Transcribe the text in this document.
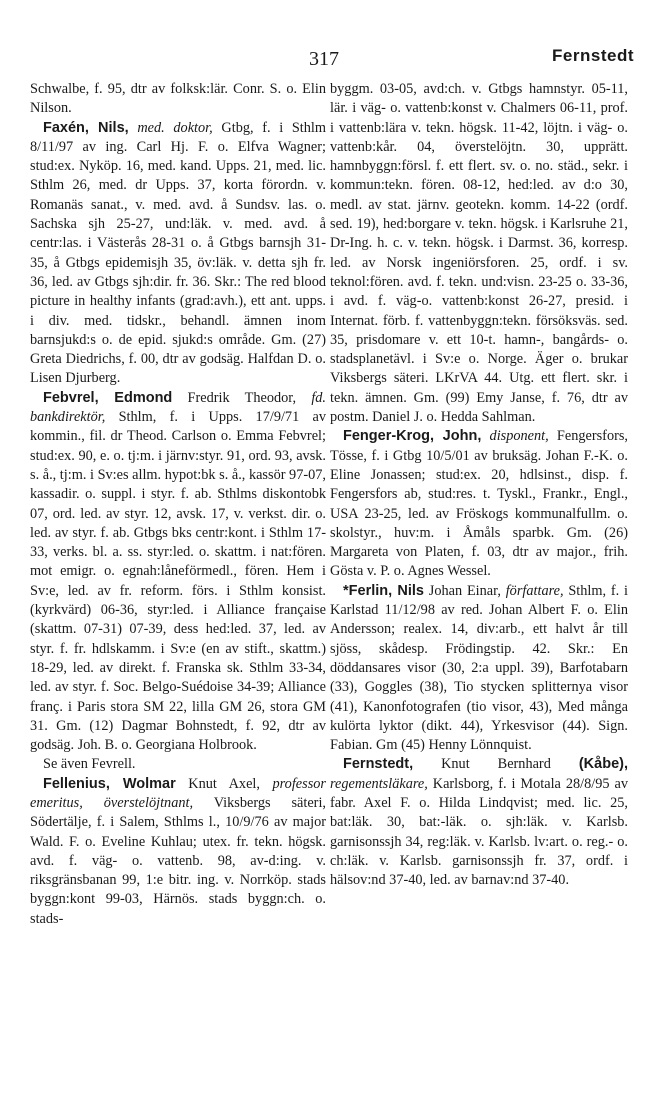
317	Fernstedt

Schwalbe, f. 95, dtr av folksk:lär. Conr. S. o. Elin Nilson.

Faxén, Nils, med. doktor, Gtbg, f. i Sthlm 8/11/97 av ing. Carl Hj. F. o. Elfva Wagner; stud:ex. Nyköp. 16, med. kand. Upps. 21, med. lic. Sthlm 26, med. dr Upps. 37, korta förordn. v. Romanäs sanat., v. med. avd. å Sundsv. las. o. Sachska sjh 25-27, und:läk. v. med. avd. å centr:las. i Västerås 28-31 o. å Gtbgs barnsjh 31-35, å Gtbgs epidemisjh 35, öv:läk. v. detta sjh fr. 36, led. av Gtbgs sjh:dir. fr. 36. Skr.: The red blood picture in healthy infants (grad:avh.), ett ant. upps. i div. med. tidskr., behandl. ämnen inom barnsjukd:s o. de epid. sjukd:s område. Gm. (27) Greta Diedrichs, f. 00, dtr av godsäg. Halfdan D. o. Lisen Djurberg.

Febvrel, Edmond Fredrik Theodor, fd. bankdirektör, Sthlm, f. i Upps. 17/9/71 av kommin., fil. dr Theod. Carlson o. Emma Febvrel; stud:ex. 90, e. o. tj:m. i järnv:styr. 91, ord. 93, avsk. s. å., tj:m. i Sv:es allm. hypot:bk s. å., kassör 97-07, kassadir. o. suppl. i styr. f. ab. Sthlms diskontobk 07, ord. led. av styr. 12, avsk. 17, v. verkst. dir. o. led. av styr. f. ab. Gtbgs bks centr:kont. i Sthlm 17-33, verks. bl. a. ss. styr:led. o. skattm. i nat:fören. mot emigr. o. egnah:låneförmedl., fören. Hem i Sv:e, led. av fr. reform. förs. i Sthlm konsist. (kyrkvärd) 06-36, styr:led. i Alliance française (skattm. 07-31) 07-39, dess hed:led. 37, led. av styr. f. fr. hdlskamm. i Sv:e (en av stift., skattm.) 18-29, led. av direkt. f. Franska sk. Sthlm 33-34, led. av styr. f. Soc. Belgo-Suédoise 34-39; Alliance franç. i Paris stora SM 22, lilla GM 26, stora GM 31. Gm. (12) Dagmar Bohnstedt, f. 92, dtr av godsäg. Joh. B. o. Georgiana Holbrook.

Se även Fevrell.

Fellenius, Wolmar Knut Axel, professor emeritus, överstelöjtnant, Viksbergs säteri, Södertälje, f. i Salem, Sthlms l., 10/9/76 av major Wald. F. o. Eveline Kuhlau; utex. fr. tekn. högsk. avd. f. väg- o. vattenb. 98, av-d:ing. v. riksgränsbanan 99, 1:e bitr. ing. v. Norrköp. stads byggn:kont 99-03, Härnös. stads byggn:ch. o. stads-

byggm. 03-05, avd:ch. v. Gtbgs hamnstyr. 05-11, lär. i väg- o. vattenb:konst v. Chalmers 06-11, prof. i vattenb:lära v. tekn. högsk. 11-42, löjtn. i väg- o. vattenb:kår. 04, överstelöjtn. 30, upprätt. hamnbyggn:försl. f. ett flert. sv. o. no. städ., sekr. i kommun:tekn. fören. 08-12, hed:led. av d:o 30, medl. av stat. järnv. geotekn. komm. 14-22 (ordf. sed. 19), hed:borgare v. tekn. högsk. i Karlsruhe 21, Dr-Ing. h. c. v. tekn. högsk. i Darmst. 36, korresp. led. av Norsk ingeniörsforen. 25, ordf. i sv. teknol:fören. avd. f. tekn. und:visn. 23-25 o. 33-36, i avd. f. väg-o. vattenb:konst 26-27, presid. i Internat. förb. f. vattenbyggn:tekn. försöksväs. sed. 35, prisdomare v. ett 10-t. hamn-, bangårds- o. stadsplanetävl. i Sv:e o. Norge. Äger o. brukar Viksbergs säteri. LKrVA 44. Utg. ett flert. skr. i tekn. ämnen. Gm. (99) Emy Janse, f. 76, dtr av postm. Daniel J. o. Hedda Sahlman.

Fenger-Krog, John, disponent, Fengersfors, Tösse, f. i Gtbg 10/5/01 av bruksäg. Johan F.-K. o. Eline Jonassen; stud:ex. 20, hdlsinst., disp. f. Fengersfors ab, stud:res. t. Tyskl., Frankr., Engl., USA 23-25, led. av Fröskogs kommunalfullm. o. skolstyr., huv:m. i Åmåls sparbk. Gm. (26) Margareta von Platen, f. 03, dtr av major., frih. Gösta v. P. o. Agnes Wessel.

*Ferlin, Nils Johan Einar, författare, Sthlm, f. i Karlstad 11/12/98 av red. Johan Albert F. o. Elin Andersson; realex. 14, div:arb., ett halvt år till sjöss, skådesp. Frödingstip. 42. Skr.: En döddansares visor (30, 2:a uppl. 39), Barfotabarn (33), Goggles (38), Tio stycken splitternya visor (41), Kanonfotografen (tio visor, 43), Med många kulörta lyktor (dikt. 44), Yrkesvisor (44). Sign. Fabian. Gm (45) Henny Lönnquist.

Fernstedt, Knut Bernhard (Kåbe), regementsläkare, Karlsborg, f. i Motala 28/8/95 av fabr. Axel F. o. Hilda Lindqvist; med. lic. 25, bat:läk. 30, bat:-läk. o. sjh:läk. v. Karlsb. garnisonssjh 34, reg:läk. v. Karlsb. lv:art. o. reg.- o. ch:läk. v. Karlsb. garnisonssjh fr. 37, ordf. i hälsov:nd 37-40, led. av barnav:nd 37-40.
